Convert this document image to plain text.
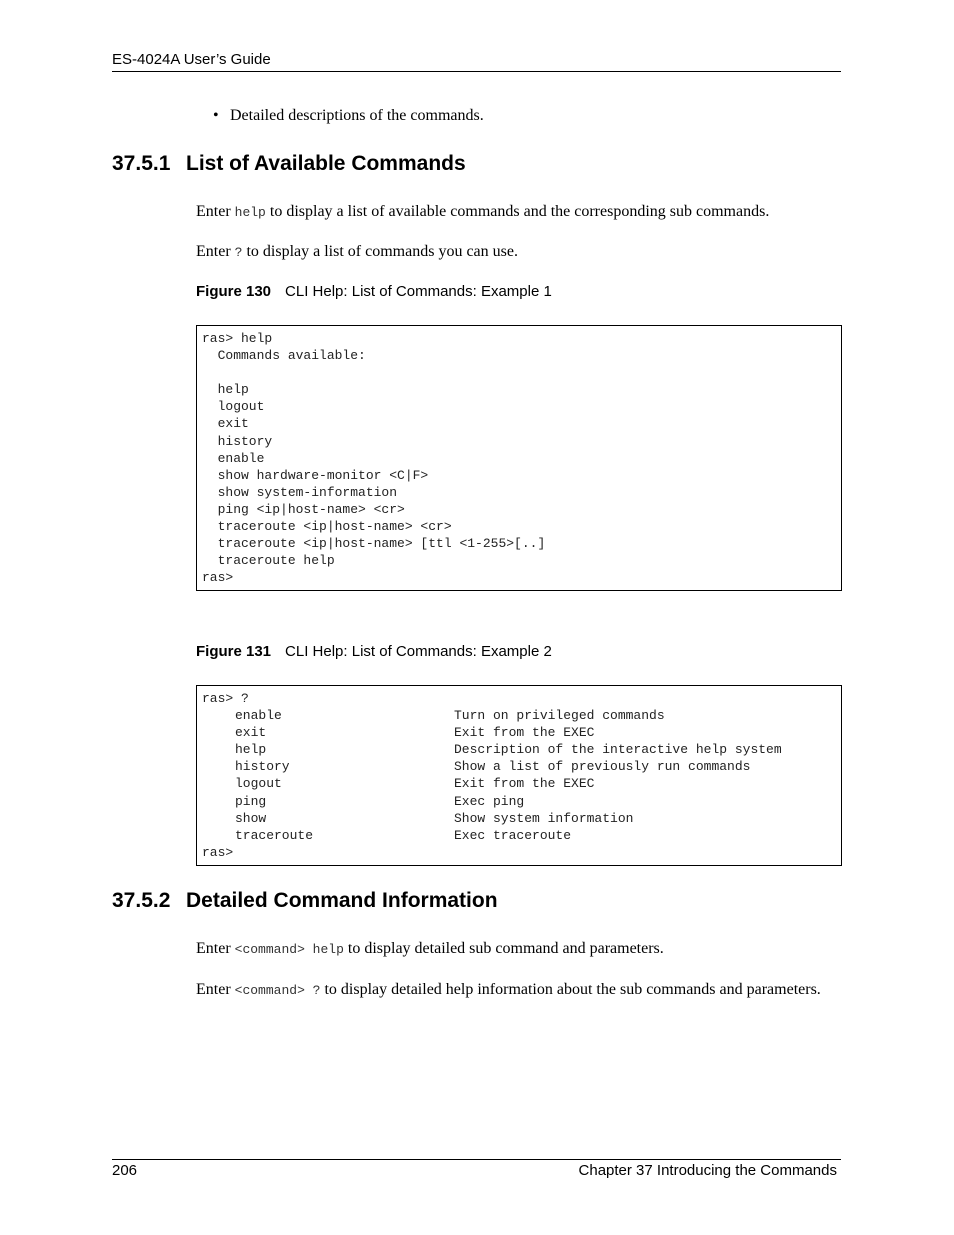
ES-4024A User’s Guide
• Detailed descriptions of the commands.
37.5.1 List of Available Commands
Enter help to display a list of available commands and the corresponding sub commands.
Enter ? to display a list of commands you can use.
Figure 130 CLI Help: List of Commands: Example 1
ras> help
Commands available:
help
logout
exit
history
enable
show hardware-monitor <C|F>
show system-information
ping <ip|host-name> <cr>
traceroute <ip|host-name> <cr>
traceroute <ip|host-name> [ttl <1-255>[..]
traceroute help
ras>
Figure 131 CLI Help: List of Commands: Example 2
ras> ?
enable	Turn on privileged commands
exit	Exit from the EXEC
help	Description of the interactive help system
history	Show a list of previously run commands
logout	Exit from the EXEC
ping	Exec ping
show	Show system information
traceroute	Exec traceroute
ras>
37.5.2 Detailed Command Information
Enter <command> help to display detailed sub command and parameters.
Enter <command> ? to display detailed help information about the sub commands and parameters.
206	Chapter 37 Introducing the Commands
